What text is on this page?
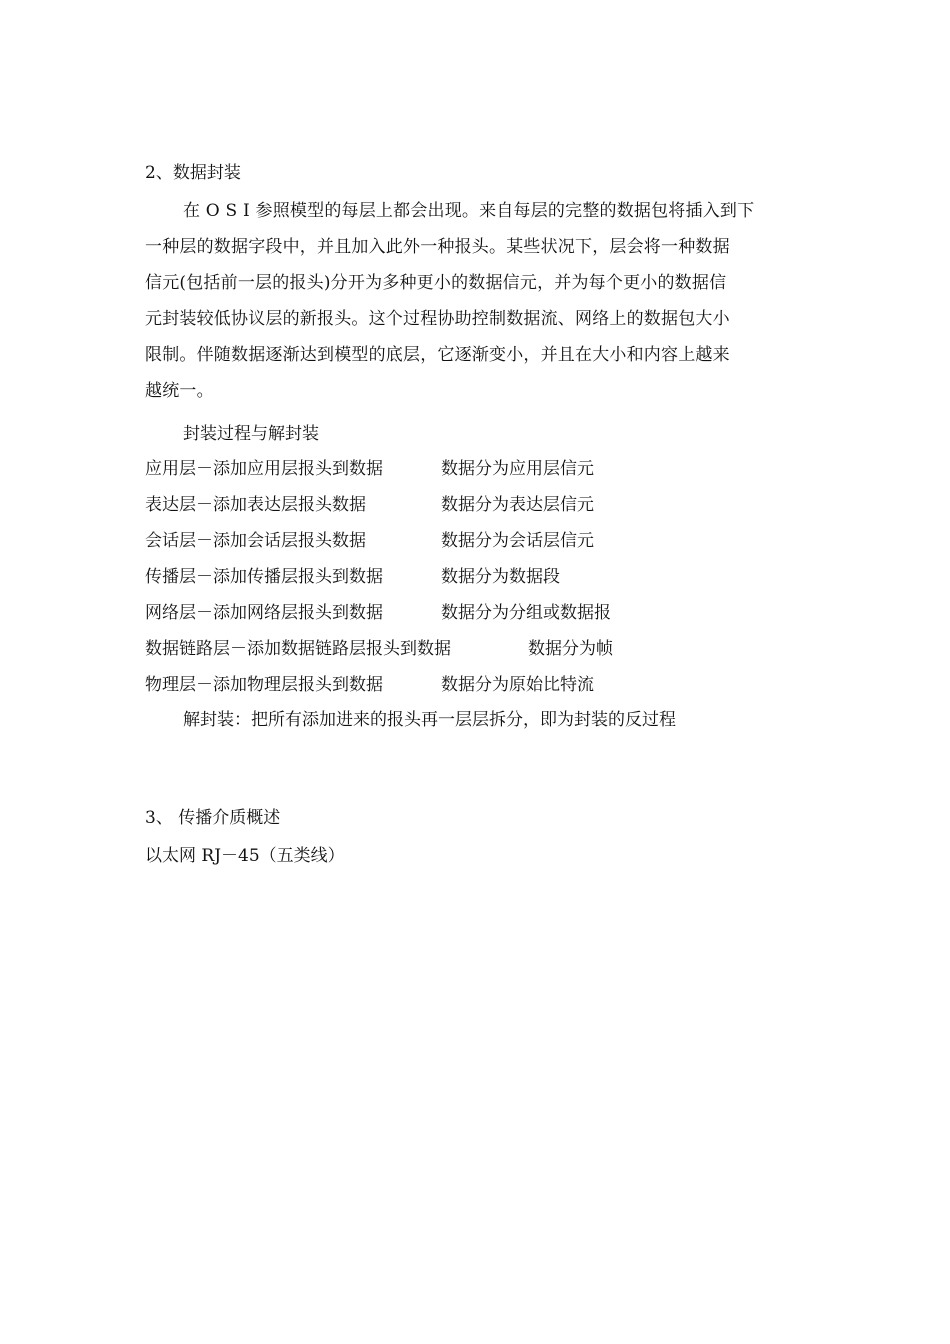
2、数据封装
在 O S I 参照模型的每层上都会出现。来自每层的完整的数据包将插入到下
一种层的数据字段中，并且加入此外一种报头。某些状况下，层会将一种数据
信元(包括前一层的报头)分开为多种更小的数据信元，并为每个更小的数据信
元封装较低协议层的新报头。这个过程协助控制数据流、网络上的数据包大小
限制。伴随数据逐渐达到模型的底层，它逐渐变小，并且在大小和内容上越来
越统一。
封装过程与解封装
应用层－添加应用层报头到数据	数据分为应用层信元
表达层－添加表达层报头数据	数据分为表达层信元
会话层－添加会话层报头数据	数据分为会话层信元
传播层－添加传播层报头到数据	数据分为数据段
网络层－添加网络层报头到数据	数据分为分组或数据报
数据链路层－添加数据链路层报头到数据	数据分为帧
物理层－添加物理层报头到数据	数据分为原始比特流
解封装：把所有添加进来的报头再一层层拆分，即为封装的反过程
3、 传播介质概述
以太网 RJ－45（五类线）
